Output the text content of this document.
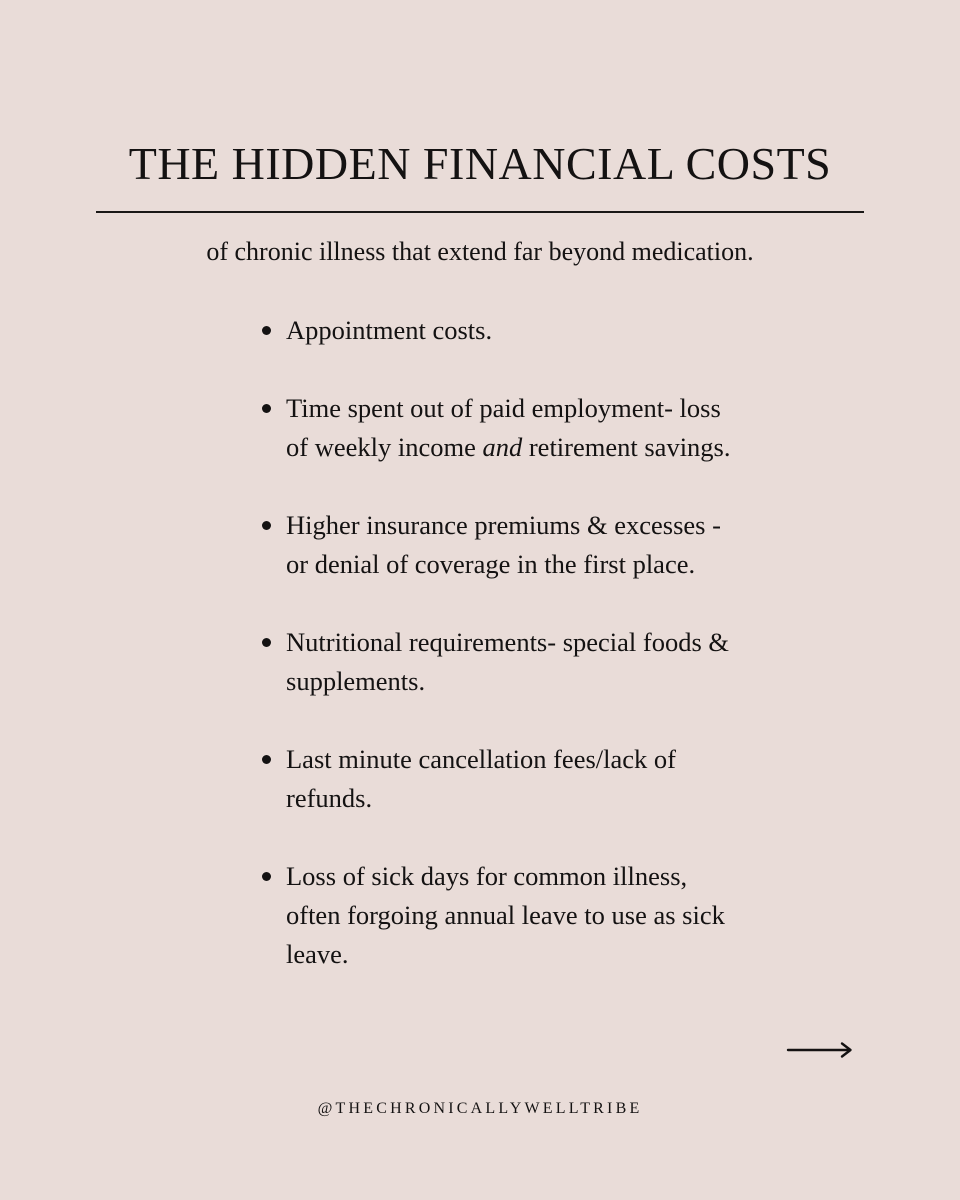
THE HIDDEN FINANCIAL COSTS

of chronic illness that extend far beyond medication.

Appointment costs.
Time spent out of paid employment- loss of weekly income and retirement savings.
Higher insurance premiums & excesses - or denial of coverage in the first place.
Nutritional requirements- special foods & supplements.
Last minute cancellation fees/lack of refunds.
Loss of sick days for common illness, often forgoing annual leave to use as sick leave.
@THECHRONICALLYWELLTRIBE
